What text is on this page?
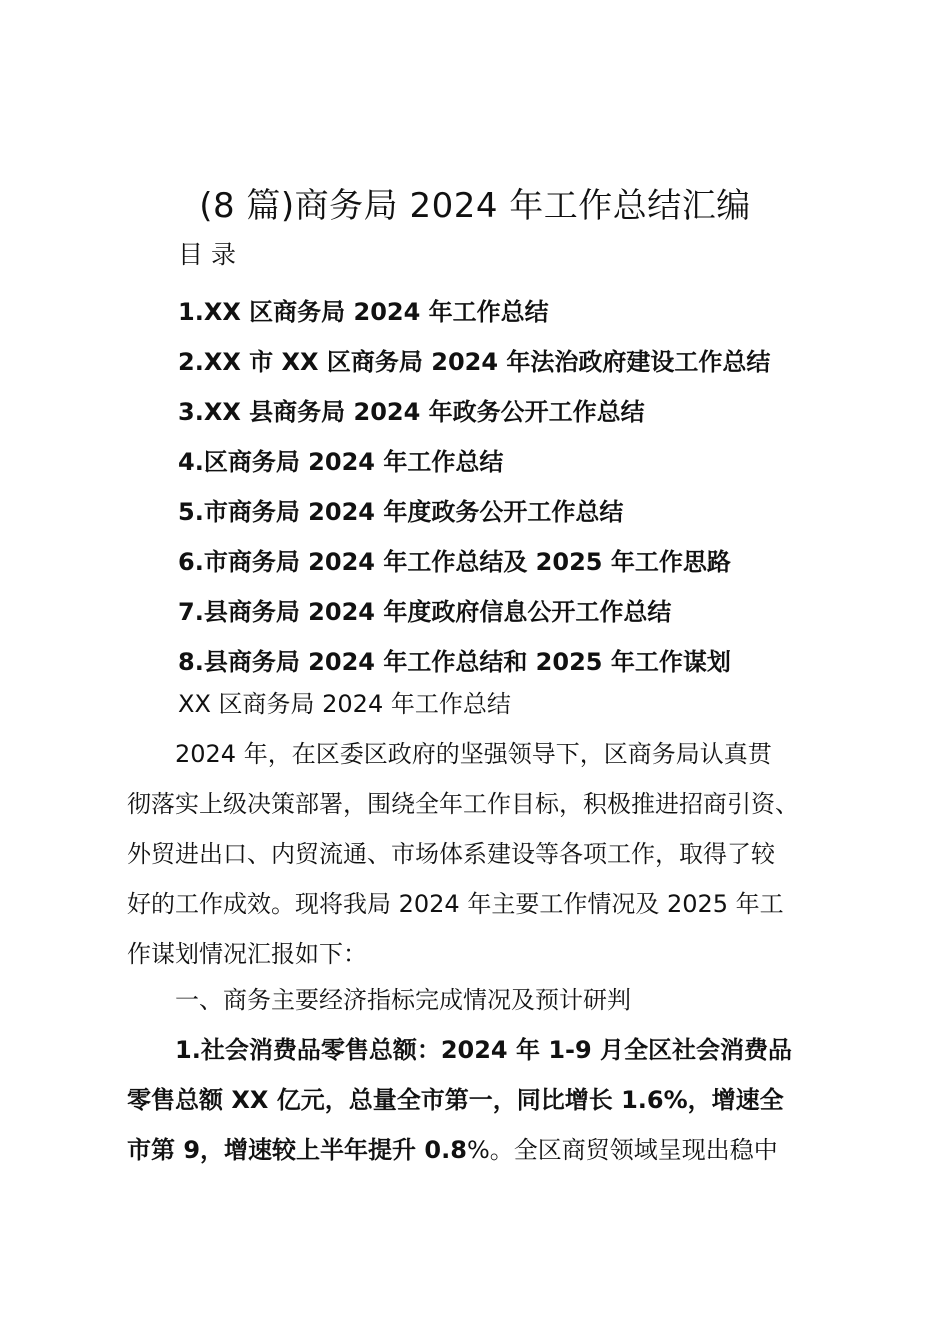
(8 篇)商务局 2024 年工作总结汇编
目 录
1.XX 区商务局 2024 年工作总结
2.XX 市 XX 区商务局 2024 年法治政府建设工作总结
3.XX 县商务局 2024 年政务公开工作总结
4.区商务局 2024 年工作总结
5.市商务局 2024 年度政务公开工作总结
6.市商务局 2024 年工作总结及 2025 年工作思路
7.县商务局 2024 年度政府信息公开工作总结
8.县商务局 2024 年工作总结和 2025 年工作谋划
XX 区商务局 2024 年工作总结
　　2024 年，在区委区政府的坚强领导下，区商务局认真贯
彻落实上级决策部署，围绕全年工作目标，积极推进招商引资、
外贸进出口、内贸流通、市场体系建设等各项工作，取得了较
好的工作成效。现将我局 2024 年主要工作情况及 2025 年工
作谋划情况汇报如下：
　　一、商务主要经济指标完成情况及预计研判
　　1.社会消费品零售总额：2024 年 1-9 月全区社会消费品
零售总额 XX 亿元，总量全市第一，同比增长 1.6%，增速全
市第 9，增速较上半年提升 0.8%。全区商贸领域呈现出稳中
